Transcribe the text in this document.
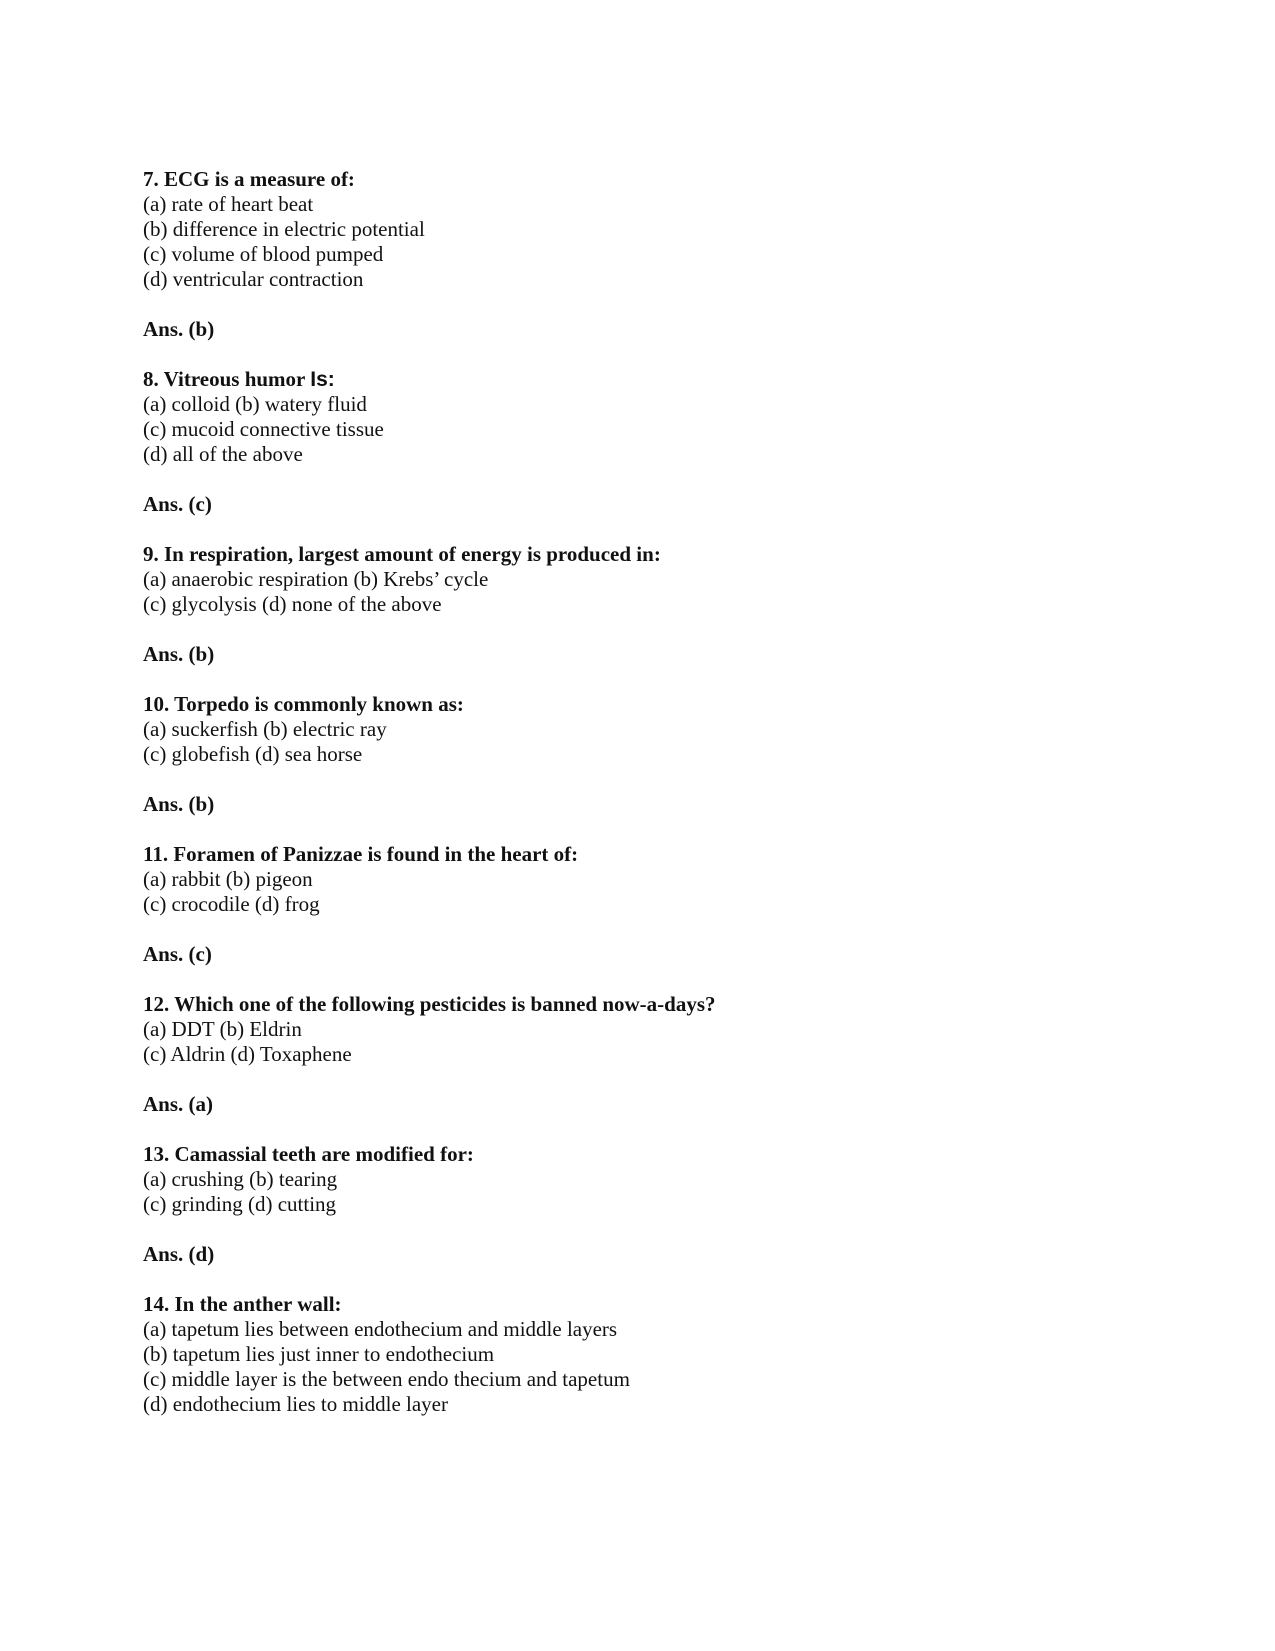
7. ECG is a measure of:
(a) rate of heart beat
(b) difference in electric potential
(c) volume of blood pumped
(d) ventricular contraction
Ans. (b)
8. Vitreous humor Is:
(a) colloid (b) watery fluid
(c) mucoid connective tissue
(d) all of the above
Ans. (c)
9. In respiration, largest amount of energy is produced in:
(a) anaerobic respiration (b) Krebs’ cycle
(c) glycolysis (d) none of the above
Ans. (b)
10. Torpedo is commonly known as:
(a) suckerfish (b) electric ray
(c) globefish (d) sea horse
Ans. (b)
11. Foramen of Panizzae is found in the heart of:
(a) rabbit (b) pigeon
(c) crocodile (d) frog
Ans. (c)
12. Which one of the following pesticides is banned now-a-days?
(a) DDT (b) Eldrin
(c) Aldrin (d) Toxaphene
Ans. (a)
13. Camassial teeth are modified for:
(a) crushing (b) tearing
(c) grinding (d) cutting
Ans. (d)
14. In the anther wall:
(a) tapetum lies between endothecium and middle layers
(b) tapetum lies just inner to endothecium
(c) middle layer is the between endo thecium and tapetum
(d) endothecium lies to middle layer
